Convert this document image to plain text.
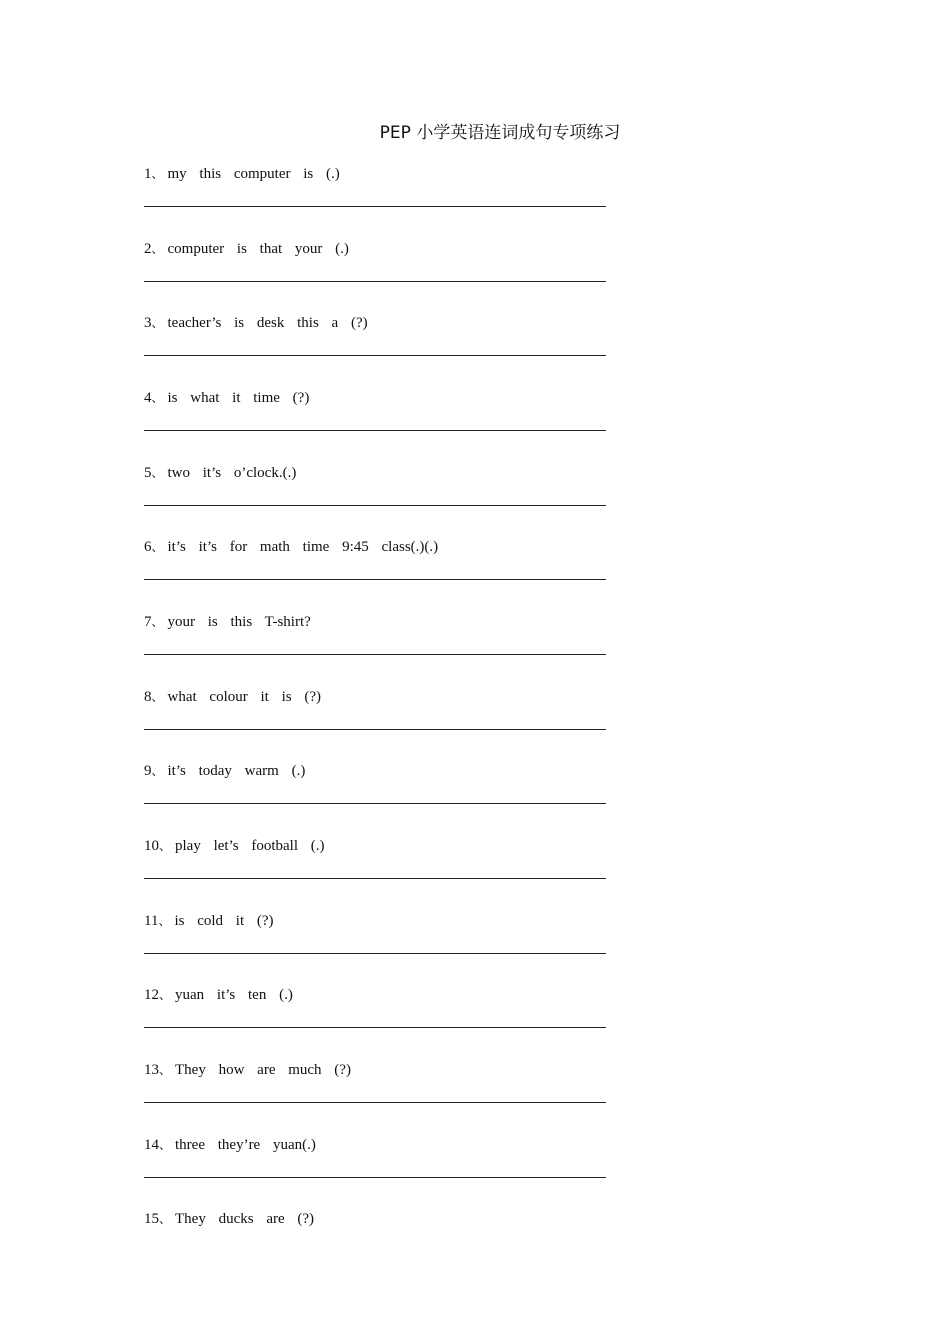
PEP 小学英语连词成句专项练习
1、 my this computer is (.)
2、 computer is that your (.)
3、 teacher’s is desk this a (?)
4、 is what it time (?)
5、 two it’s o’clock.(.)
6、 it’s it’s for math time 9:45 class(.)(.)
7、 your is this T-shirt?
8、 what colour it is (?)
9、 it’s today warm (.)
10、 play let’s football (.)
11、 is cold it (?)
12、 yuan it’s ten (.)
13、 They how are much (?)
14、 three they’re yuan(.)
15、 They ducks are (?)
